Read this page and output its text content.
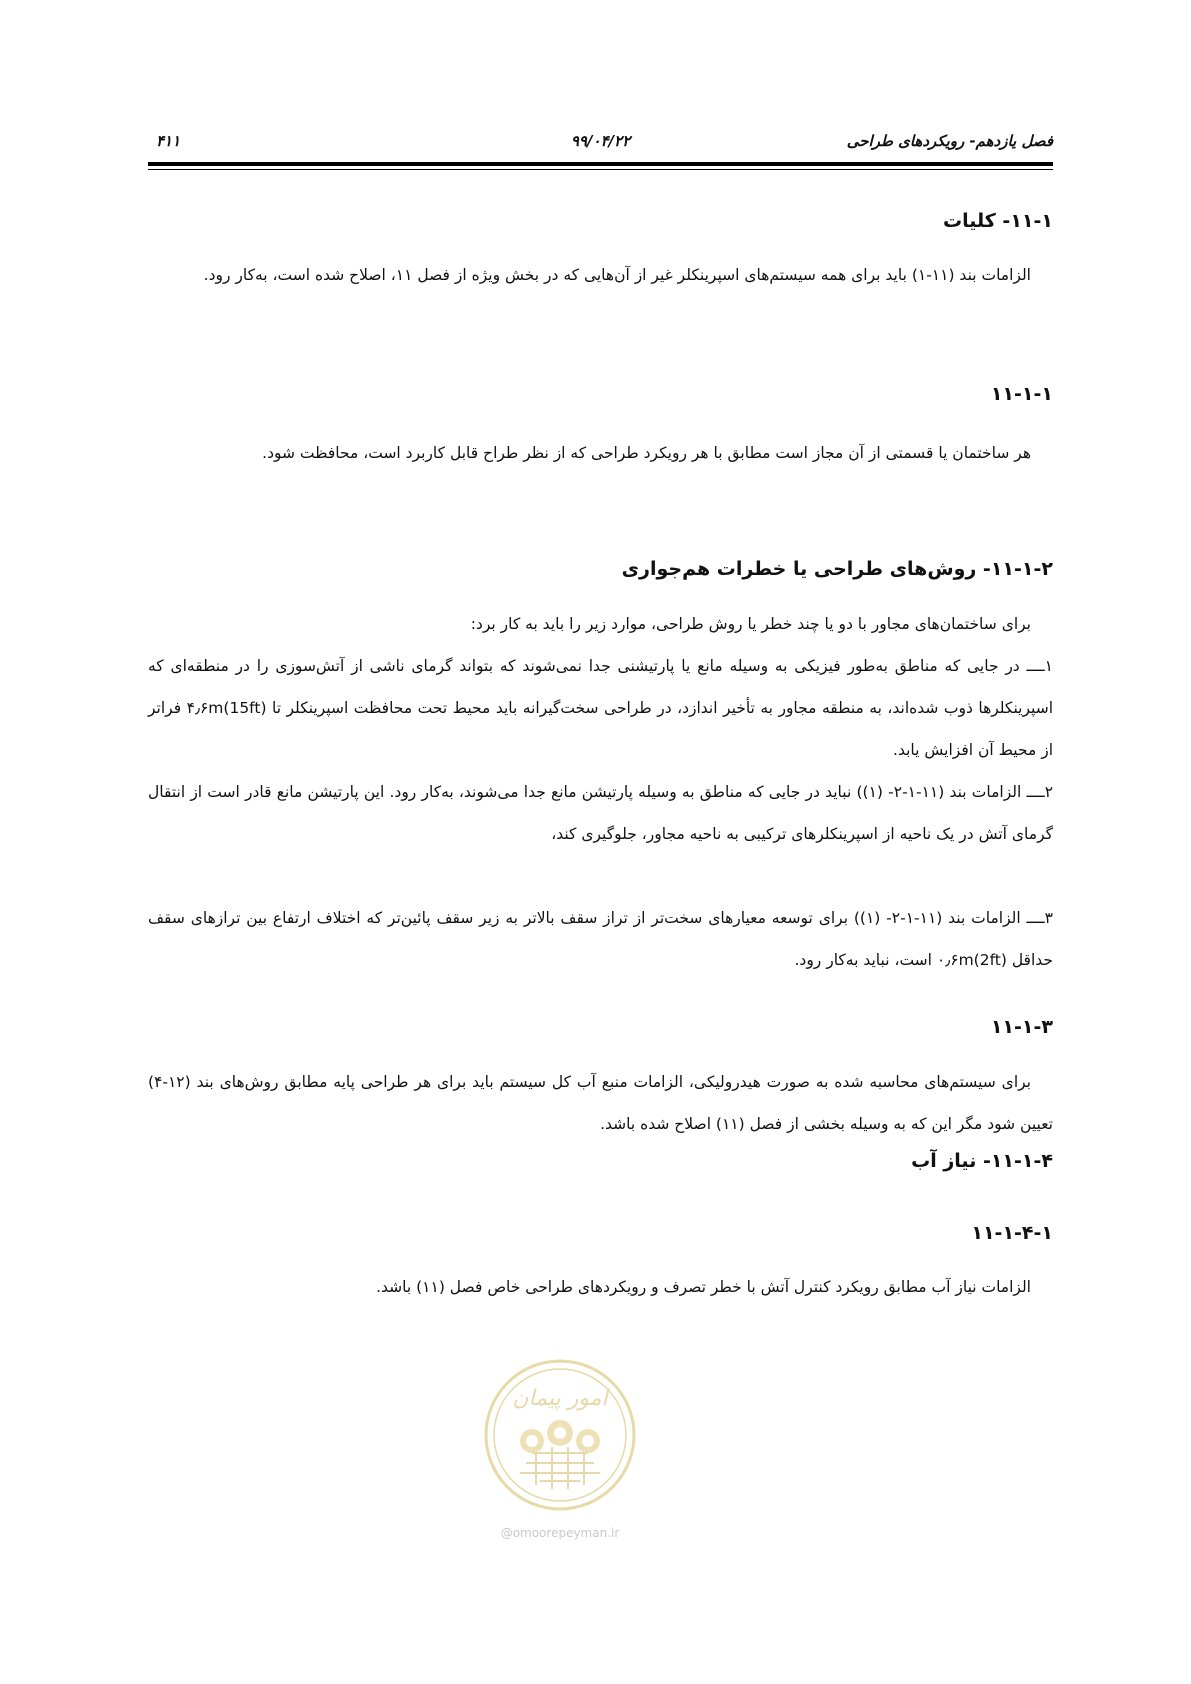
فصل یازدهم- رویکردهای طراحی
۹۹/۰۴/۲۲
۴۱۱
۱۱-۱- کلیات

الزامات بند (۱۱-۱) باید برای همه سیستم‌های اسپرینکلر غیر از آن‌هایی که در بخش ویژه از فصل ۱۱، اصلاح شده است، به‌کار رود.

۱۱-۱-۱

هر ساختمان یا قسمتی از آن مجاز است مطابق با هر رویکرد طراحی که از نظر طراح قابل کاربرد است، محافظت شود.

۱۱-۱-۲- روش‌های طراحی یا خطرات هم‌جواری

برای ساختمان‌های مجاور با دو یا چند خطر یا روش طراحی، موارد زیر را باید به کار برد:

۱ــــ در جایی که مناطق به‌طور فیزیکی به وسیله مانع یا پارتیشنی جدا نمی‌شوند که بتواند گرمای ناشی از آتش‌سوزی را در منطقه‌ای که اسپرینکلرها ذوب شده‌اند، به منطقه مجاور به تأخیر اندازد، در طراحی سخت‌گیرانه باید محیط تحت محافظت اسپرینکلر تا ۴٫۶m(15ft) فراتر از محیط آن افزایش یابد.

۲ــــ الزامات بند (۱۱-۱-۲- (۱)) نباید در جایی که مناطق به وسیله پارتیشن مانع جدا می‌شوند، به‌کار رود. این پارتیشن مانع قادر است از انتقال گرمای آتش در یک ناحیه از اسپرینکلرهای ترکیبی به ناحیه مجاور، جلوگیری کند،

۳ــــ الزامات بند (۱۱-۱-۲- (۱)) برای توسعه معیارهای سخت‌تر از تراز سقف بالاتر به زیر سقف پائین‌تر که اختلاف ارتفاع بین ترازهای سقف حداقل ۰٫۶m(2ft) است، نباید به‌کار رود.

۱۱-۱-۳

برای سیستم‌های محاسبه شده به صورت هیدرولیکی، الزامات منبع آب کل سیستم باید برای هر طراحی پایه مطابق روش‌های بند (۱۲-۴) تعیین شود مگر این که به وسیله بخشی از فصل (۱۱) اصلاح شده باشد.

۱۱-۱-۴- نیاز آب
۱۱-۱-۴-۱

الزامات نیاز آب مطابق رویکرد کنترل آتش با خطر تصرف و رویکردهای طراحی خاص فصل (۱۱) باشد.

امور پیمان
@omoorepeyman.ir
